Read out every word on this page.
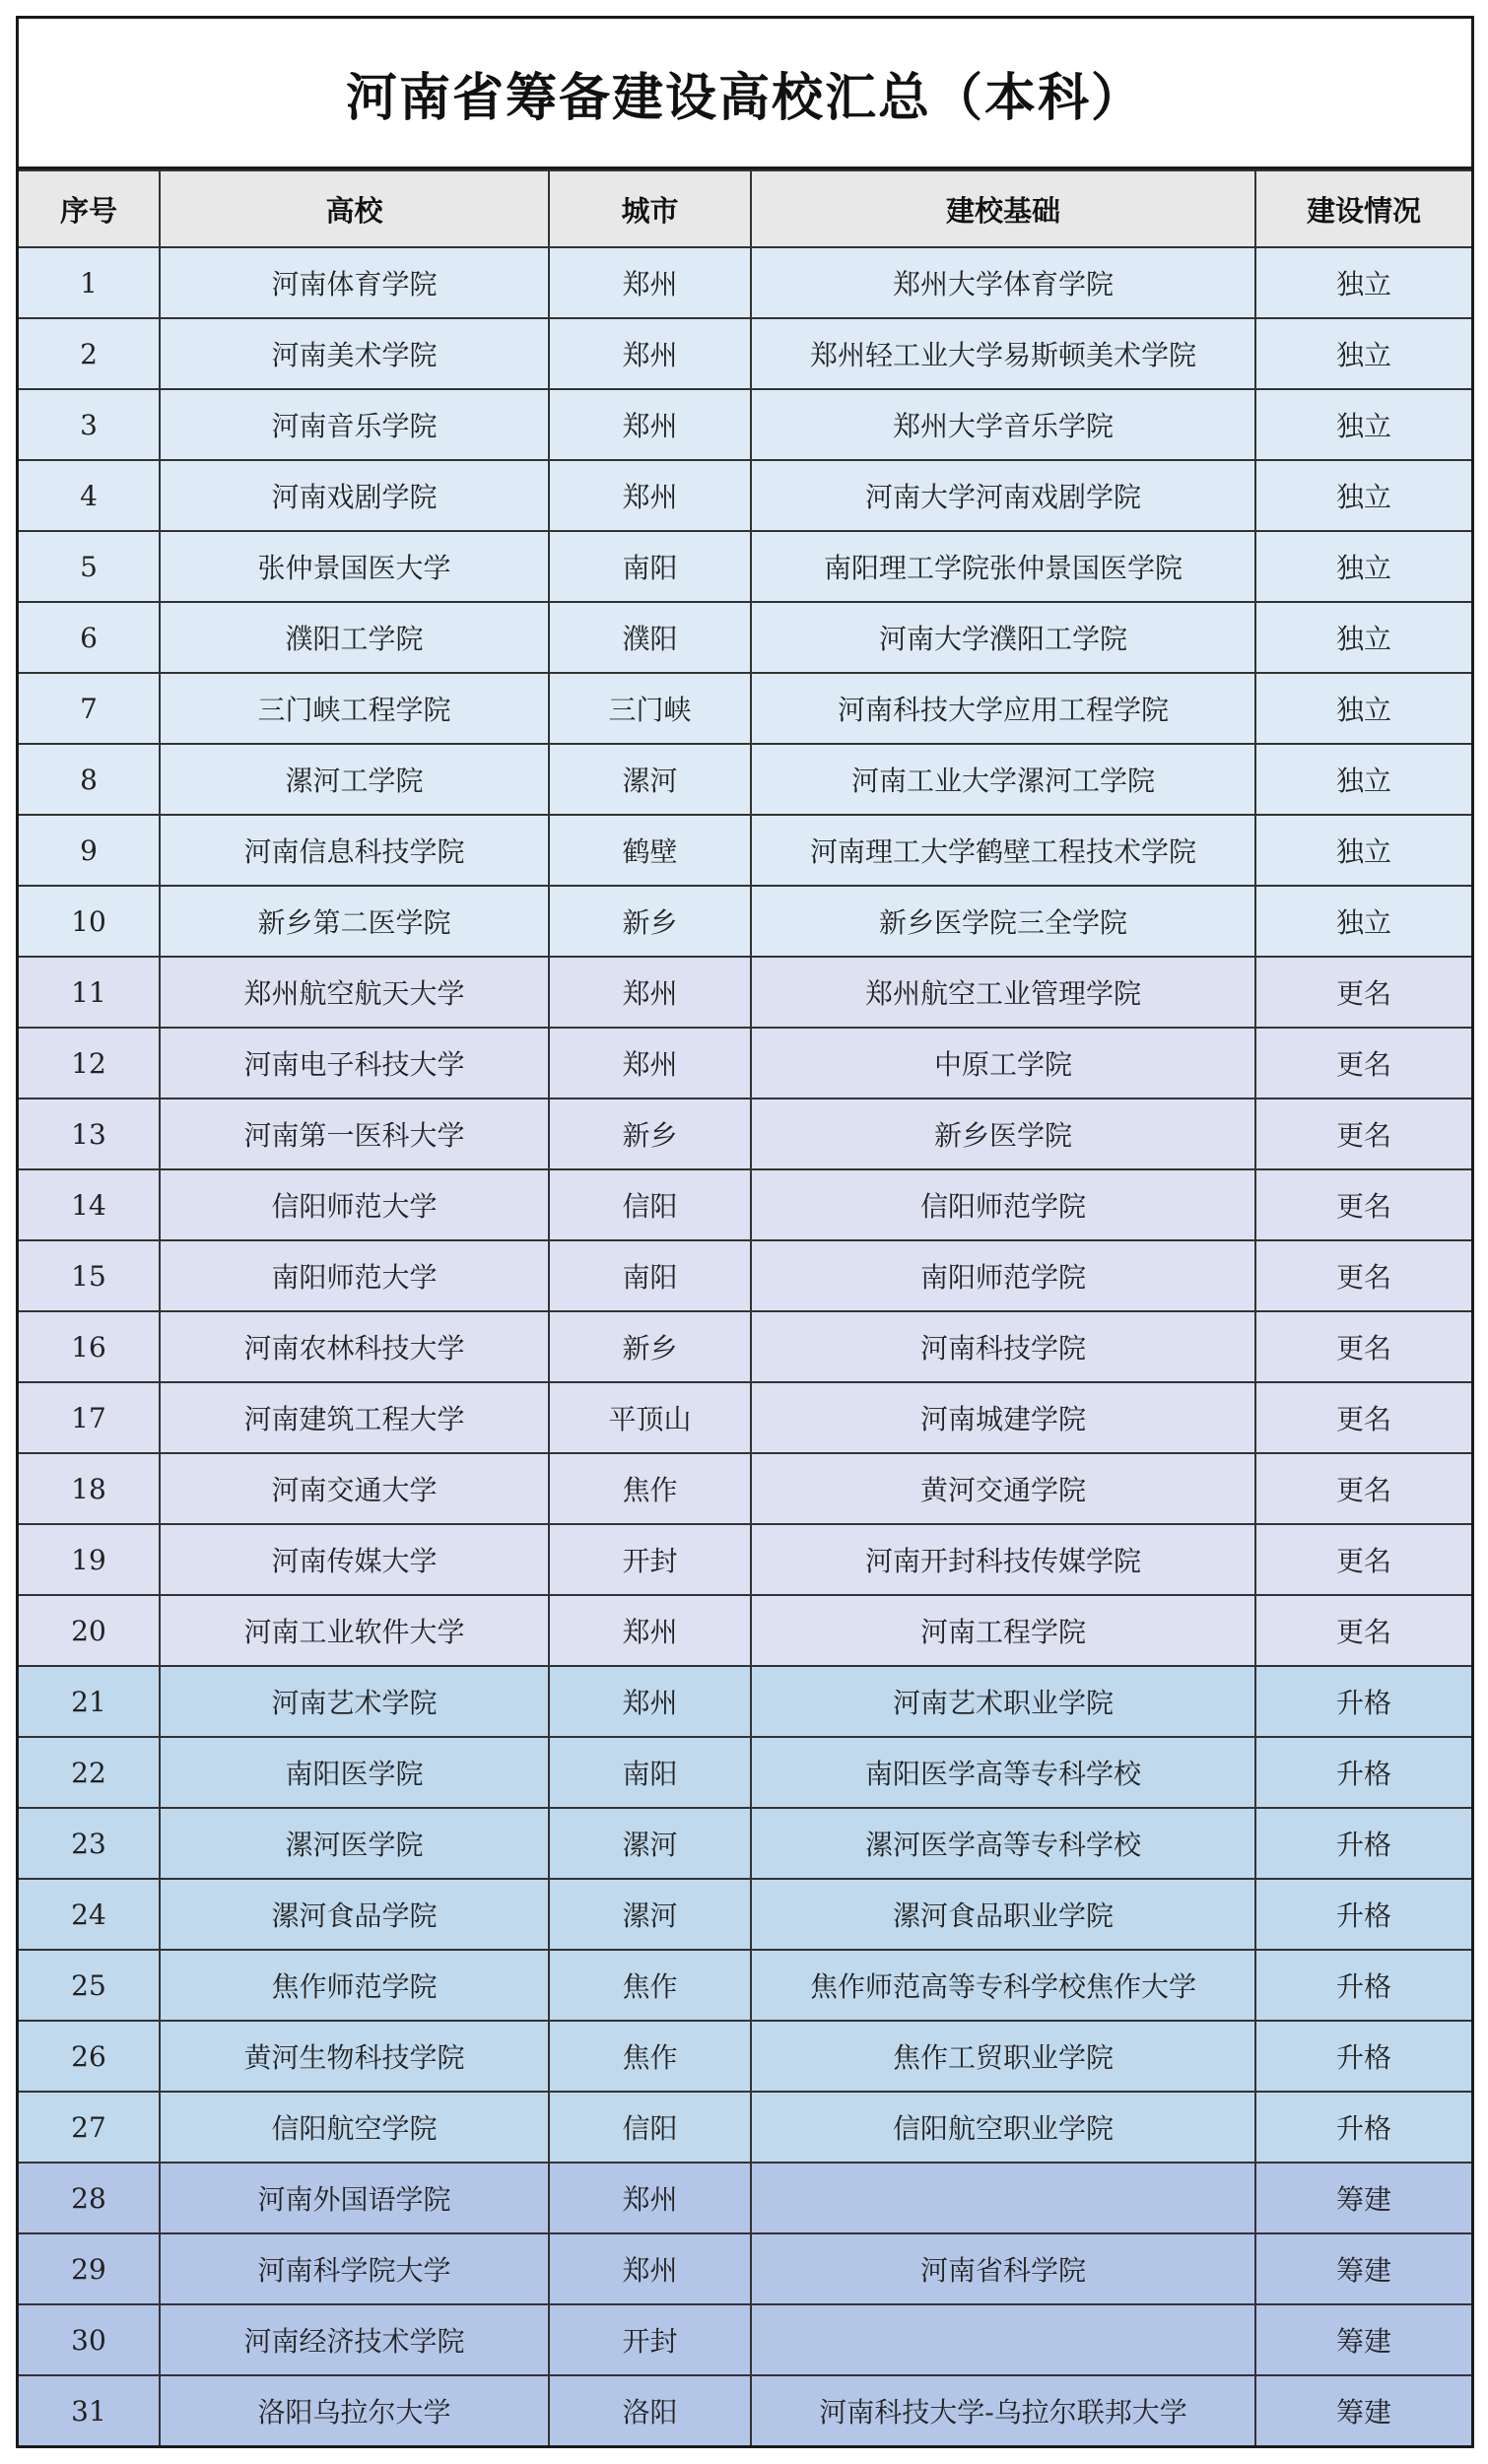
河南省筹备建设高校汇总（本科）
序号	高校	城市	建校基础	建设情况
1	河南体育学院	郑州	郑州大学体育学院	独立
2	河南美术学院	郑州	郑州轻工业大学易斯顿美术学院	独立
3	河南音乐学院	郑州	郑州大学音乐学院	独立
4	河南戏剧学院	郑州	河南大学河南戏剧学院	独立
5	张仲景国医大学	南阳	南阳理工学院张仲景国医学院	独立
6	濮阳工学院	濮阳	河南大学濮阳工学院	独立
7	三门峡工程学院	三门峡	河南科技大学应用工程学院	独立
8	漯河工学院	漯河	河南工业大学漯河工学院	独立
9	河南信息科技学院	鹤壁	河南理工大学鹤壁工程技术学院	独立
10	新乡第二医学院	新乡	新乡医学院三全学院	独立
11	郑州航空航天大学	郑州	郑州航空工业管理学院	更名
12	河南电子科技大学	郑州	中原工学院	更名
13	河南第一医科大学	新乡	新乡医学院	更名
14	信阳师范大学	信阳	信阳师范学院	更名
15	南阳师范大学	南阳	南阳师范学院	更名
16	河南农林科技大学	新乡	河南科技学院	更名
17	河南建筑工程大学	平顶山	河南城建学院	更名
18	河南交通大学	焦作	黄河交通学院	更名
19	河南传媒大学	开封	河南开封科技传媒学院	更名
20	河南工业软件大学	郑州	河南工程学院	更名
21	河南艺术学院	郑州	河南艺术职业学院	升格
22	南阳医学院	南阳	南阳医学高等专科学校	升格
23	漯河医学院	漯河	漯河医学高等专科学校	升格
24	漯河食品学院	漯河	漯河食品职业学院	升格
25	焦作师范学院	焦作	焦作师范高等专科学校焦作大学	升格
26	黄河生物科技学院	焦作	焦作工贸职业学院	升格
27	信阳航空学院	信阳	信阳航空职业学院	升格
28	河南外国语学院	郑州		筹建
29	河南科学院大学	郑州	河南省科学院	筹建
30	河南经济技术学院	开封		筹建
31	洛阳乌拉尔大学	洛阳	河南科技大学-乌拉尔联邦大学	筹建
